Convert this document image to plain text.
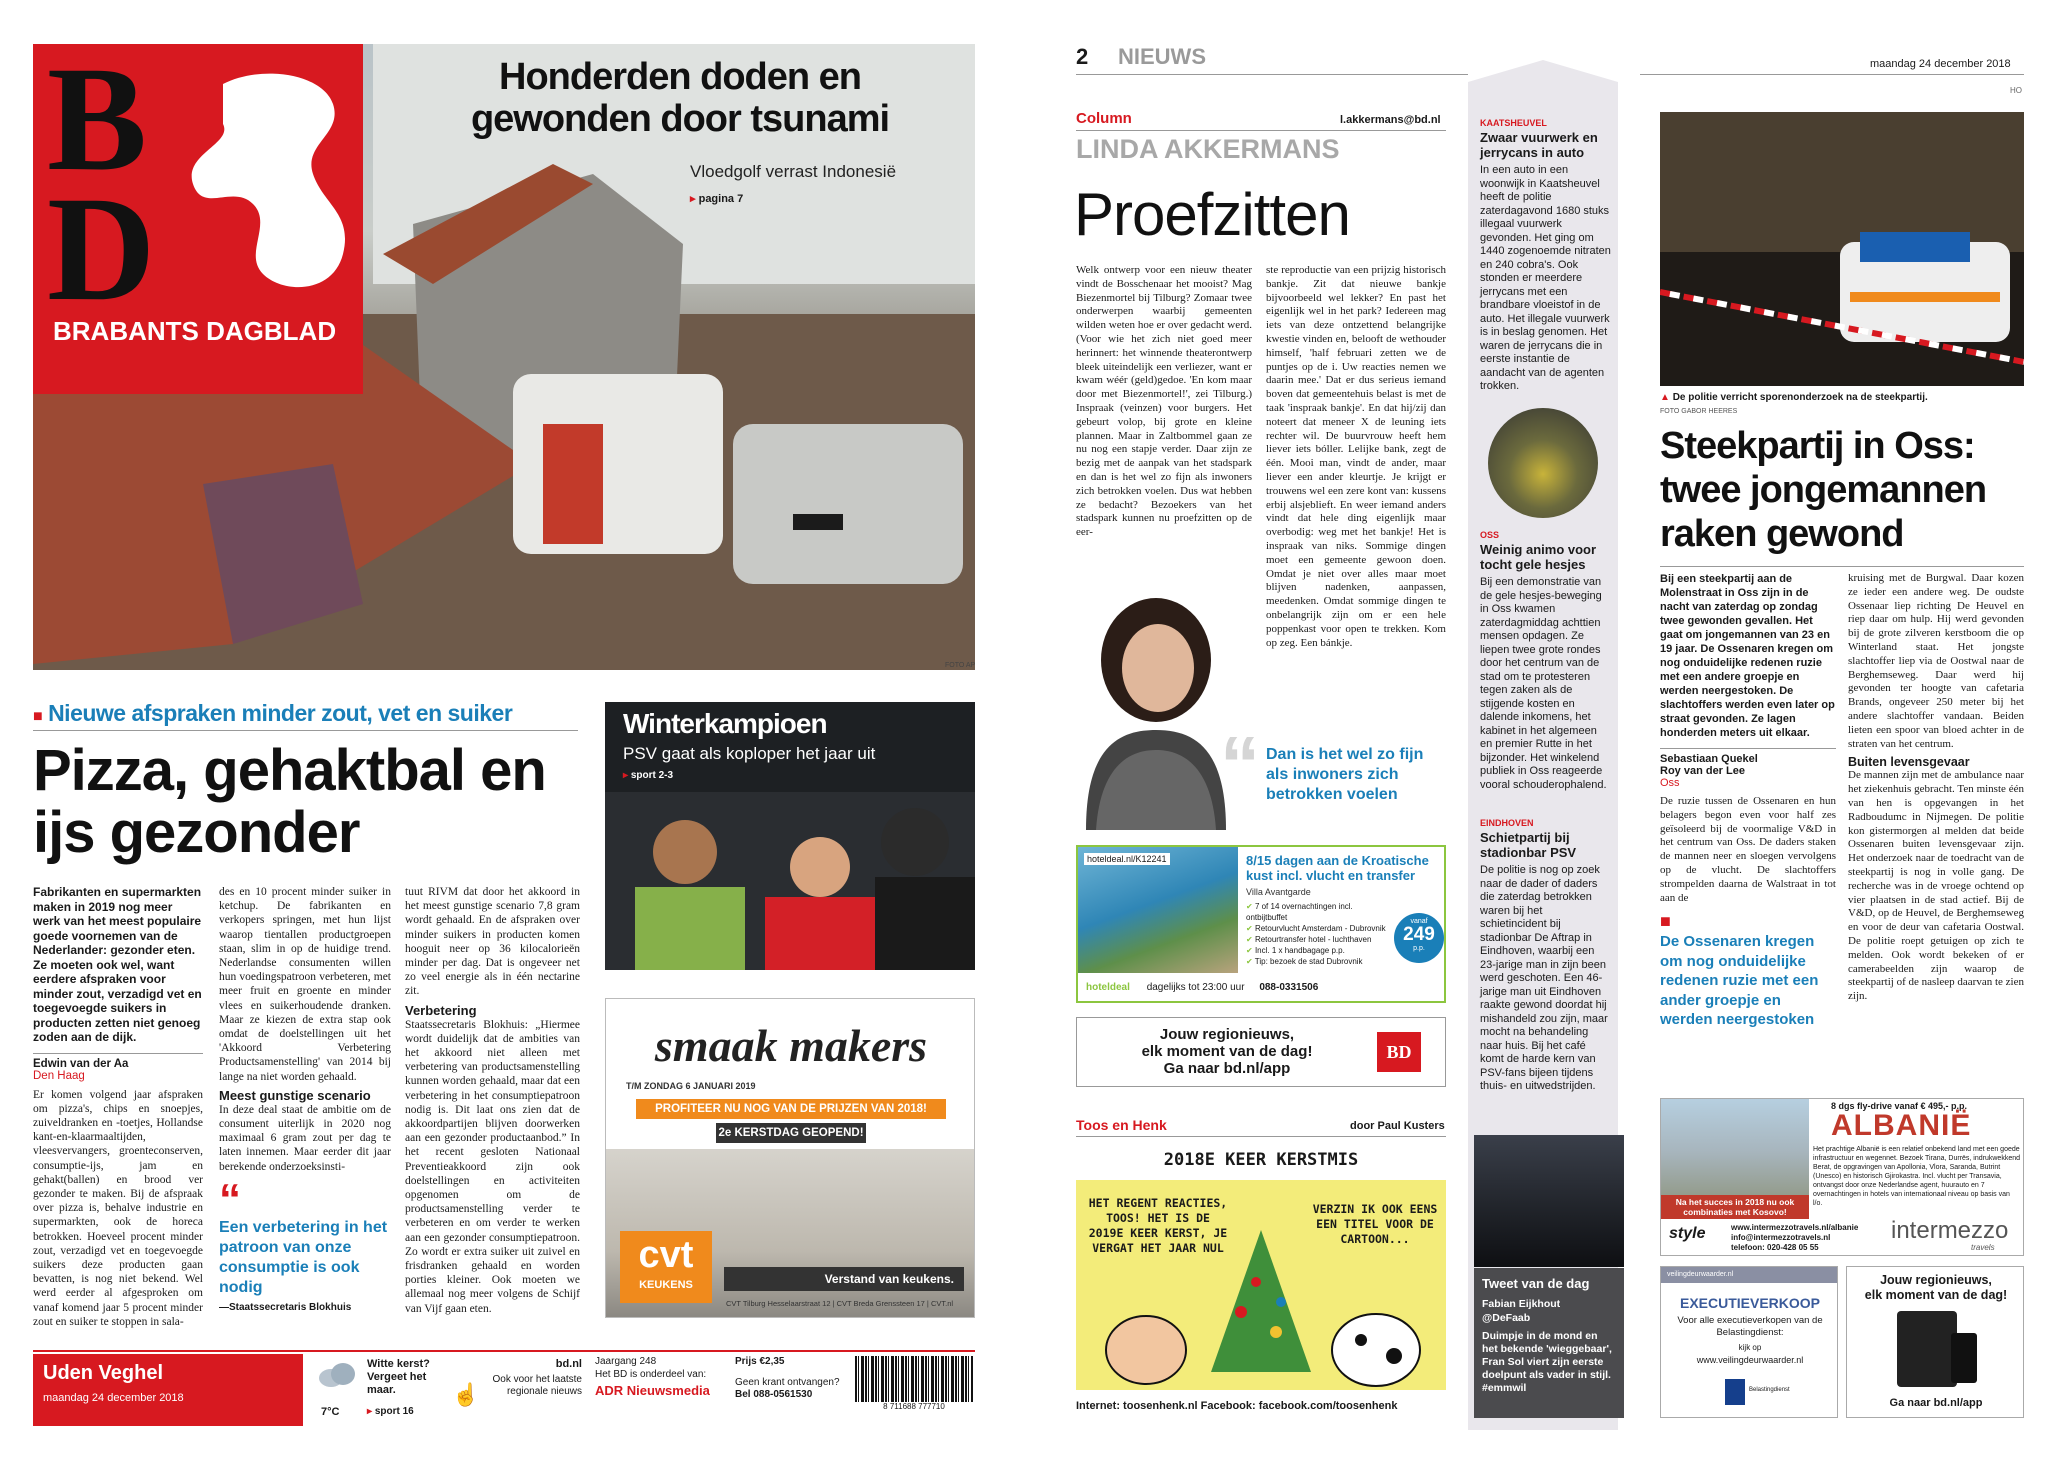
BD
BRABANTS DAGBLAD
Honderden doden en gewonden door tsunami
Vloedgolf verrast Indonesië
▸ pagina 7
FOTO AP
■ Nieuwe afspraken minder zout, vet en suiker
Pizza, gehaktbal en ijs gezonder
Fabrikanten en supermarkten maken in 2019 nog meer werk van het meest populaire goede voornemen van de Nederlander: gezonder eten. Ze moeten ook wel, want eerdere afspraken voor minder zout, verzadigd vet en toegevoegde suikers in producten zetten niet genoeg zoden aan de dijk.
Edwin van der Aa
Den Haag
Er komen volgend jaar afspraken om pizza's, chips en snoepjes, zuiveldranken en -toetjes, Hollandse kant-en-klaarmaaltijden, vleesvervangers, groenteconserven, consumptie-ijs, jam en gehakt(ballen) en brood ver gezonder te maken. Bij de afspraak over pizza is, behalve industrie en supermarkten, ook de horeca betrokken. Hoeveel procent minder zout, verzadigd vet en toegevoegde suikers deze producten gaan bevatten, is nog niet bekend. Wel werd eerder al afgesproken om vanaf komend jaar 5 procent minder zout en suiker te stoppen in sala-
des en 10 procent minder suiker in ketchup. De fabrikanten en verkopers springen, met hun lijst waarop tientallen productgroepen staan, slim in op de huidige trend. Nederlandse consumenten willen hun voedingspatroon verbeteren, met meer fruit en groente en minder vlees en suikerhoudende dranken. Maar ze kiezen de extra stap ook omdat de doelstellingen uit het 'Akkoord Verbetering Productsamenstelling' van 2014 bij lange na niet worden gehaald.
Meest gunstige scenario
In deze deal staat de ambitie om de consument uiterlijk in 2020 nog maximaal 6 gram zout per dag te laten innemen. Maar eerder dit jaar berekende onderzoeksinsti-
“
Een verbetering in het patroon van onze consumptie is ook nodig
—Staatssecretaris Blokhuis
tuut RIVM dat door het akkoord in het meest gunstige scenario 7,8 gram wordt gehaald. En de afspraken over minder suikers in producten komen hooguit neer op 36 kilocalorieën minder per dag. Dat is ongeveer net zo veel energie als in één nectarine zit.
Verbetering
Staatssecretaris Blokhuis: „Hiermee wordt duidelijk dat de ambities van het akkoord niet alleen met verbetering van productsamenstelling kunnen worden gehaald, maar dat een verbetering in het consumptiepatroon nodig is. Dit laat ons zien dat de akkoordpartijen blijven doorwerken aan een gezonder productaanbod.” In het recent gesloten Nationaal Preventieakkoord zijn ook doelstellingen en activiteiten opgenomen om de productsamenstelling verder te verbeteren en om verder te werken aan een gezonder consumptiepatroon. Zo wordt er extra suiker uit zuivel en frisdranken gehaald en worden porties kleiner. Ook moeten we allemaal nog meer volgens de Schijf van Vijf gaan eten.
Winterkampioen
PSV gaat als koploper het jaar uit
▸ sport 2-3
smaak makers
T/M ZONDAG 6 JANUARI 2019
PROFITEER NU NOG VAN DE PRIJZEN VAN 2018!
2e KERSTDAG GEOPEND!
cvt
KEUKENS	Verstand van keukens.
CVT Tilburg Hesselaarstraat 12 | CVT Breda Grenssteen 17 | CVT.nl
Uden Veghel
maandag 24 december 2018
7°C
Witte kerst? Vergeet het maar.
▸ sport 16
☝
bd.nl
Ook voor het laatste regionale nieuws
Jaargang 248
Het BD is onderdeel van:
ADR Nieuwsmedia
Prijs €2,35
Geen krant ontvangen?
Bel 088-0561530
8 711688 777710
2 NIEUWS	maandag 24 december 2018
HO
Column	l.akkermans@bd.nl
LINDA AKKERMANS
Proefzitten
Welk ontwerp voor een nieuw theater vindt de Bosschenaar het mooist? Mag Biezenmortel bij Tilburg? Zomaar twee onderwerpen waarbij gemeenten wilden weten hoe er over gedacht werd. (Voor wie het zich niet goed meer herinnert: het winnende theaterontwerp bleek uiteindelijk een verliezer, want er kwam wéér (geld)gedoe. 'En kom maar door met Biezenmortel!', zei Tilburg.) Inspraak (veinzen) voor burgers. Het gebeurt volop, bij grote en kleine plannen. Maar in Zaltbommel gaan ze nu nog een stapje verder. Daar zijn ze bezig met de aanpak van het stadspark en dan is het wel zo fijn als inwoners zich betrokken voelen. Dus wat hebben ze bedacht? Bezoekers van het stadspark kunnen nu proefzitten op de eer-
ste reproductie van een prijzig historisch bankje. Zit dat nieuwe bankje bijvoorbeeld wel lekker? En past het eigenlijk wel in het park? Iedereen mag iets van deze ontzettend belangrijke kwestie vinden en, belooft de wethouder himself, 'half februari zetten we de puntjes op de i. Uw reacties nemen we daarin mee.' Dat er dus serieus iemand boven dat gemeentehuis belast is met de taak 'inspraak bankje'. En dat hij/zij dan noteert dat meneer X de leuning iets rechter wil. De buurvrouw heeft hem liever iets bóller. Lelijke bank, zegt de één. Mooi man, vindt de ander, maar liever een ander kleurtje. Je krijgt er trouwens wel een zere kont van: kussens erbij alsjeblieft. En weer iemand anders vindt dat hele ding eigenlijk maar overbodig: weg met het bankje! Het is inspraak van niks. Sommige dingen moet een gemeente gewoon doen. Omdat je niet over alles maar moet blijven nadenken, aanpassen, meedenken. Omdat sommige dingen te onbelangrijk zijn om er een hele poppenkast voor open te trekken. Kom op zeg. Een bánkje.
“ Dan is het wel zo fijn als inwoners zich betrokken voelen
hoteldeal.nl/K12241	8/15 dagen aan de Kroatische kust incl. vlucht en transfer
Villa Avantgarde
✔ 7 of 14 overnachtingen incl. ontbijtbuffet
✔ Retourvlucht Amsterdam - Dubrovnik
✔ Retourtransfer hotel - luchthaven
✔ Incl. 1 x handbagage p.p.
✔ Tip: bezoek de stad Dubrovnik
vanaf
249
p.p.
hoteldeal dagelijks tot 23:00 uur 088-0331506
Jouw regionieuws,
elk moment van de dag!
Ga naar bd.nl/app
BD
Toos en Henk	door Paul Kusters
2018E KEER KERSTMIS
HET REGENT REACTIES, TOOS! HET IS DE 2019E KEER KERST, JE VERGAT HET JAAR NUL
VERZIN IK OOK EENS EEN TITEL VOOR DE CARTOON...
Internet: toosenhenk.nl Facebook: facebook.com/toosenhenk
KAATSHEUVEL
Zwaar vuurwerk en jerrycans in auto
In een auto in een woonwijk in Kaatsheuvel heeft de politie zaterdagavond 1680 stuks illegaal vuurwerk gevonden. Het ging om 1440 zogenoemde nitraten en 240 cobra's. Ook stonden er meerdere jerrycans met een brandbare vloeistof in de auto. Het illegale vuurwerk is in beslag genomen. Het waren de jerrycans die in eerste instantie de aandacht van de agenten trokken.
OSS
Weinig animo voor tocht gele hesjes
Bij een demonstratie van de gele hesjes-beweging in Oss kwamen zaterdagmiddag achttien mensen opdagen. Ze liepen twee grote rondes door het centrum van de stad om te protesteren tegen zaken als de stijgende kosten en dalende inkomens, het kabinet in het algemeen en premier Rutte in het bijzonder. Het winkelend publiek in Oss reageerde vooral schouderophalend.
EINDHOVEN
Schietpartij bij stadionbar PSV
De politie is nog op zoek naar de dader of daders die zaterdag betrokken waren bij het schietincident bij stadionbar De Aftrap in Eindhoven, waarbij een 23-jarige man in zijn been werd geschoten. Een 46-jarige man uit Eindhoven raakte gewond doordat hij mishandeld zou zijn, maar mocht na behandeling naar huis. Bij het café komt de harde kern van PSV-fans bijeen tijdens thuis- en uitwedstrijden.
Tweet van de dag
Fabian Eijkhout
@DeFaab
Duimpje in de mond en het bekende 'wieggebaar', Fran Sol viert zijn eerste doelpunt als vader in stijl. #emmwil
▲ De politie verricht sporenonderzoek na de steekpartij.
FOTO GABOR HEERES
Steekpartij in Oss: twee jongemannen raken gewond
Bij een steekpartij aan de Molenstraat in Oss zijn in de nacht van zaterdag op zondag twee gewonden gevallen. Het gaat om jongemannen van 23 en 19 jaar. De Ossenaren kregen om nog onduidelijke redenen ruzie met een andere groepje en werden neergestoken. De slachtoffers werden even later op straat gevonden. Ze lagen honderden meters uit elkaar.
Sebastiaan Quekel
Roy van der Lee
Oss
De ruzie tussen de Ossenaren en hun belagers begon even voor half zes geïsoleerd bij de voormalige V&D in het centrum van Oss. De daders staken de mannen neer en sloegen vervolgens op de vlucht. De slachtoffers strompelden daarna de Walstraat in tot aan de
■
De Ossenaren kregen om nog onduidelijke redenen ruzie met een ander groepje en werden neergestoken
kruising met de Burgwal. Daar kozen ze ieder een andere weg. De oudste Ossenaar liep richting De Heuvel en riep daar om hulp. Hij werd gevonden bij de grote zilveren kerstboom die op Winterland staat. Het jongste slachtoffer liep via de Oostwal naar de Berghemseweg. Daar werd hij gevonden ter hoogte van cafetaria Brands, ongeveer 250 meter bij het andere slachtoffer vandaan. Beiden lieten een spoor van bloed achter in de straten van het centrum.
Buiten levensgevaar
De mannen zijn met de ambulance naar het ziekenhuis gebracht. Ten minste één van hen is opgevangen in het Radboudumc in Nijmegen. De politie kon gistermorgen al melden dat beide Ossenaren buiten levensgevaar zijn. Het onderzoek naar de toedracht van de steekpartij is nog in volle gang. De recherche was in de vroege ochtend op vier plaatsen in de stad actief. Bij de V&D, op de Heuvel, de Berghemseweg en voor de deur van cafetaria Oostwal. De politie roept getuigen op zich te melden. Ook wordt bekeken of er camerabeelden zijn waarop de steekpartij of de nasleep daarvan te zien zijn.
Na het succes in 2018 nu ook combinaties met Kosovo!
8 dgs fly-drive vanaf € 495,- p.p.
ALBANIË
Het prachtige Albanië is een relatief onbekend land met een goede infrastructuur en wegennet. Bezoek Tirana, Durrës, indrukwekkend Berat, de opgravingen van Apollonia, Vlora, Saranda, Butrint (Unesco) en historisch Gjirokastra. Incl. vlucht per Transavia, ontvangst door onze Nederlandse agent, huurauto en 7 overnachtingen in hotels van internationaal niveau op basis van l/o.
style	www.intermezzotravels.nl/albanie
info@intermezzotravels.nl
telefoon: 020-428 05 55
intermezzo
travels
veilingdeurwaarder.nl
EXECUTIEVERKOOP
Voor alle executieverkopen van de Belastingdienst:
kijk op
www.veilingdeurwaarder.nl
Belastingdienst
Jouw regionieuws,
elk moment van de dag!
Ga naar bd.nl/app
